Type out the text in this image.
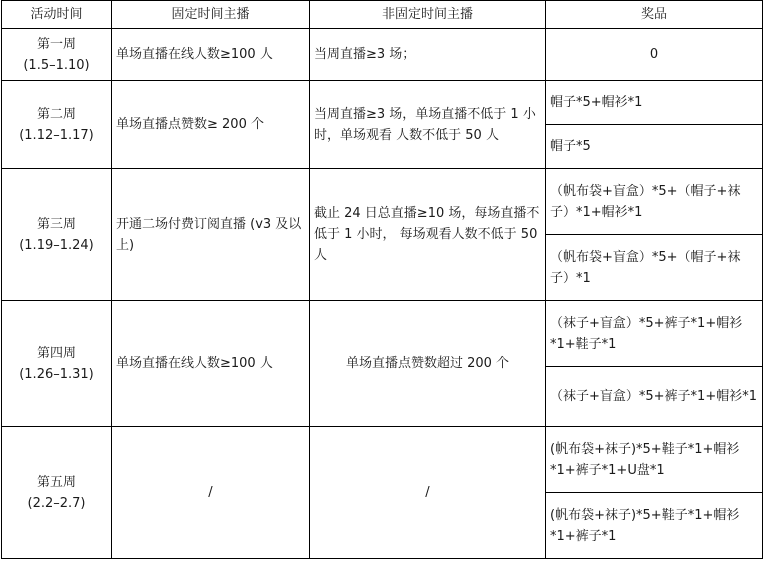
活动时间	固定时间主播	非固定时间主播	奖品

第一周
(1.5–1.10)	单场直播在线人数≥100 人	当周直播≥3 场；	0

第二周
(1.12–1.17)	单场直播点赞数≥ 200 个	当周直播≥3 场，单场直播不低于 1 小时，单场观看 人数不低于 50 人	帽子*5+帽衫*1
			帽子*5

第三周
(1.19–1.24)	开通二场付费订阅直播 (v3 及以上)	截止 24 日总直播≥10 场，每场直播不低于 1 小时， 每场观看人数不低于 50 人	（帆布袋+盲盒）*5+（帽子+袜子）*1+帽衫*1
			（帆布袋+盲盒）*5+（帽子+袜子）*1

第四周
(1.26–1.31)	单场直播在线人数≥100 人	单场直播点赞数超过 200 个	（袜子+盲盒）*5+裤子*1+帽衫*1+鞋子*1
			（袜子+盲盒）*5+裤子*1+帽衫*1

第五周
(2.2–2.7)	/	/	(帆布袋+袜子)*5+鞋子*1+帽衫*1+裤子*1+U盘*1
			(帆布袋+袜子)*5+鞋子*1+帽衫*1+裤子*1
